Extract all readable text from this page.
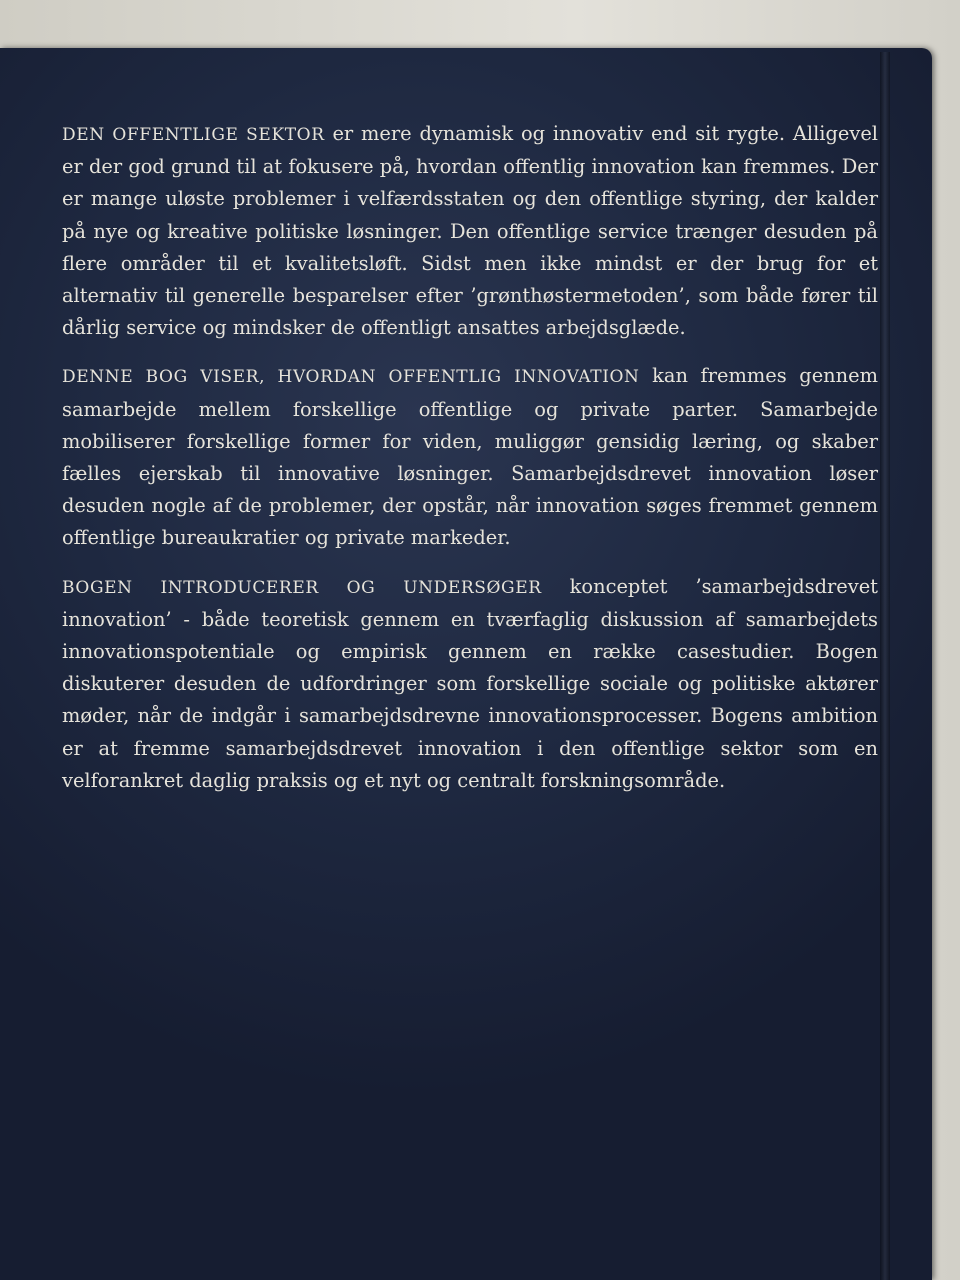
DEN OFFENTLIGE SEKTOR er mere dynamisk og innovativ end sit rygte. Alligevel er der god grund til at fokusere på, hvordan offentlig innovation kan fremmes. Der er mange uløste problemer i velfærdsstaten og den offentlige styring, der kalder på nye og kreative politiske løsninger. Den offentlige service trænger desuden på flere områder til et kvalitetsløft. Sidst men ikke mindst er der brug for et alternativ til generelle besparelser efter ’grønthøstermetoden’, som både fører til dårlig service og mindsker de offentligt ansattes arbejdsglæde.

DENNE BOG VISER, HVORDAN OFFENTLIG INNOVATION kan fremmes gennem samarbejde mellem forskellige offentlige og private parter. Samarbejde mobiliserer forskellige former for viden, muliggør gensidig læring, og skaber fælles ejerskab til innovative løsninger. Samarbejdsdrevet innovation løser desuden nogle af de problemer, der opstår, når innovation søges fremmet gennem offentlige bureaukratier og private markeder.

BOGEN INTRODUCERER OG UNDERSØGER konceptet ’samarbejdsdrevet innovation’ - både teoretisk gennem en tværfaglig diskussion af samarbejdets innovationspotentiale og empirisk gennem en række casestudier. Bogen diskuterer desuden de udfordringer som forskellige sociale og politiske aktører møder, når de indgår i samarbejdsdrevne innovationsprocesser. Bogens ambition er at fremme samarbejdsdrevet innovation i den offentlige sektor som en velforankret daglig praksis og et nyt og centralt forskningsområde.
